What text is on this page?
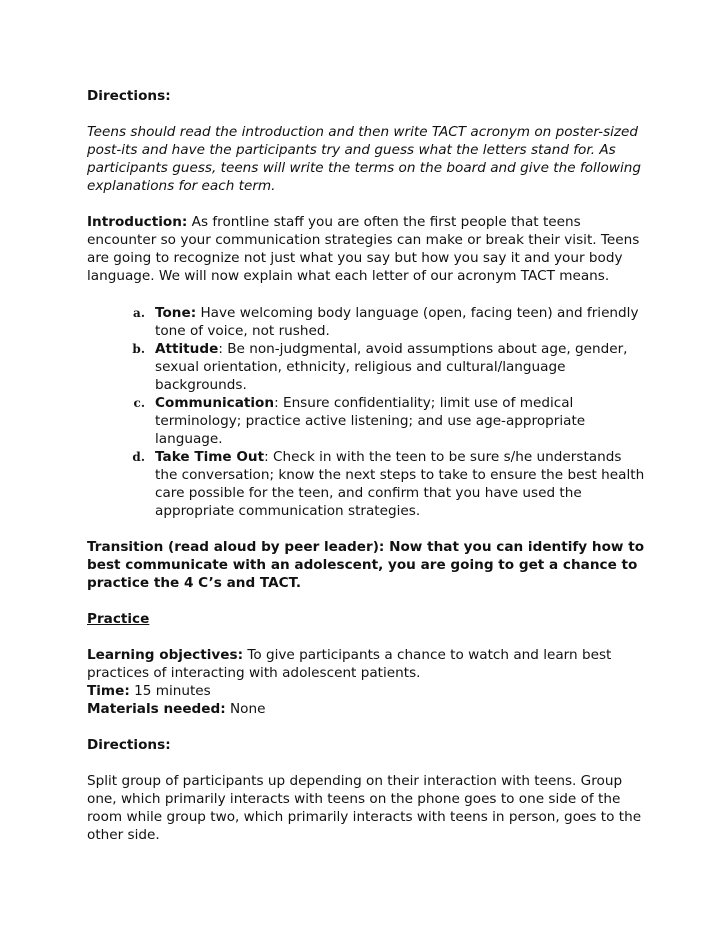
Directions:

Teens should read the introduction and then write TACT acronym on poster-sized post-its and have the participants try and guess what the letters stand for. As participants guess, teens will write the terms on the board and give the following explanations for each term.

Introduction: As frontline staff you are often the first people that teens encounter so your communication strategies can make or break their visit. Teens are going to recognize not just what you say but how you say it and your body language. We will now explain what each letter of our acronym TACT means.

a. Tone: Have welcoming body language (open, facing teen) and friendly tone of voice, not rushed.
b. Attitude: Be non-judgmental, avoid assumptions about age, gender, sexual orientation, ethnicity, religious and cultural/language backgrounds.
c. Communication: Ensure confidentiality; limit use of medical terminology; practice active listening; and use age-appropriate language.
d. Take Time Out: Check in with the teen to be sure s/he understands the conversation; know the next steps to take to ensure the best health care possible for the teen, and confirm that you have used the appropriate communication strategies.

Transition (read aloud by peer leader): Now that you can identify how to best communicate with an adolescent, you are going to get a chance to practice the 4 C’s and TACT.

Practice

Learning objectives: To give participants a chance to watch and learn best practices of interacting with adolescent patients.

Time: 15 minutes

Materials needed: None

Directions:

Split group of participants up depending on their interaction with teens. Group one, which primarily interacts with teens on the phone goes to one side of the room while group two, which primarily interacts with teens in person, goes to the other side.
